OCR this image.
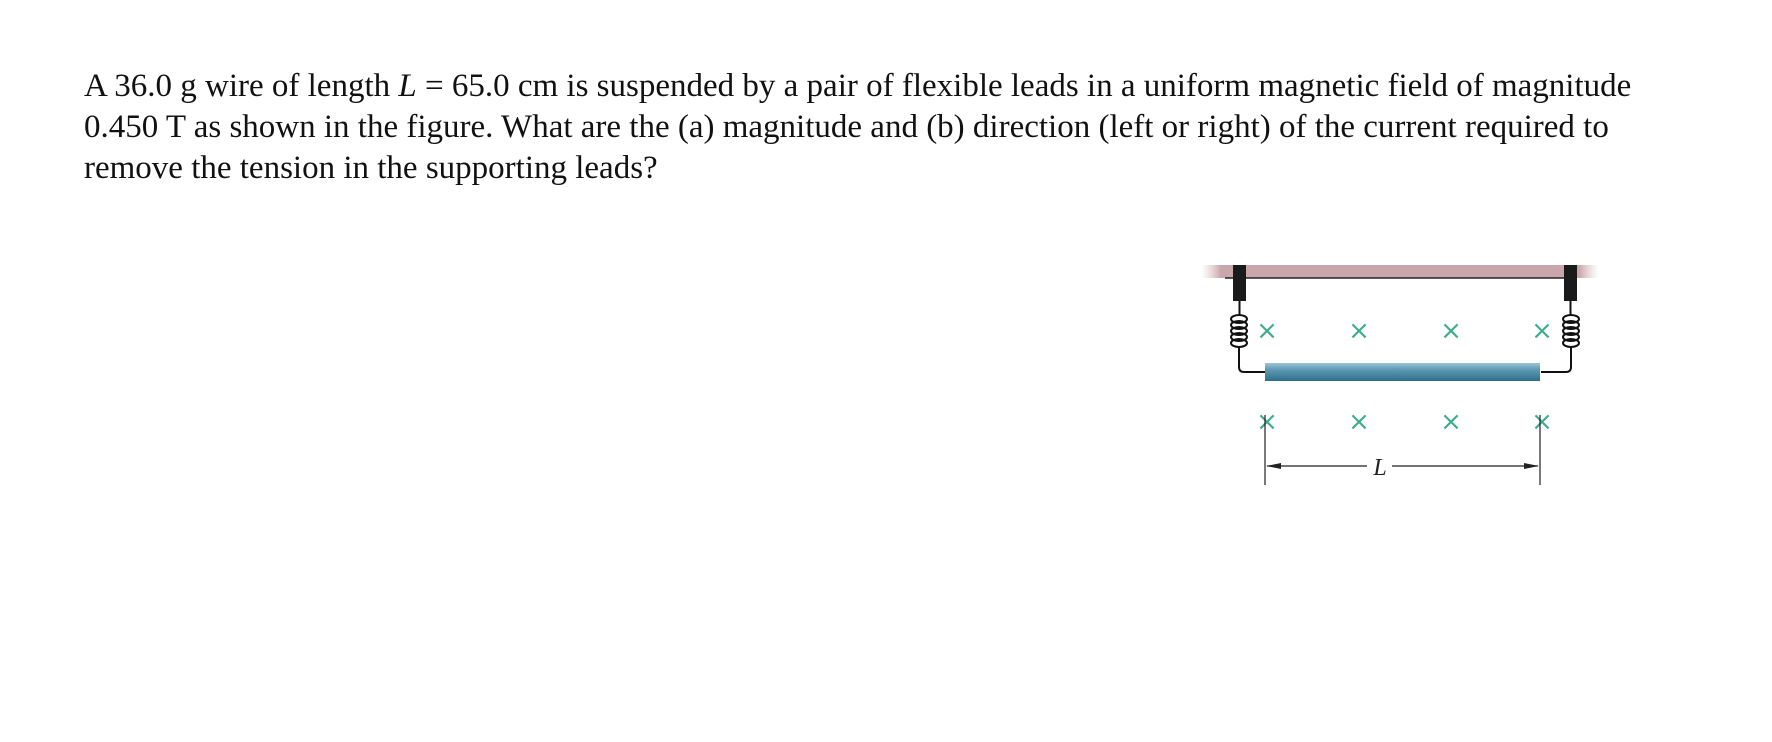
A 36.0 g wire of length L = 65.0 cm is suspended by a pair of flexible leads in a uniform magnetic field of magnitude 0.450 T as shown in the figure. What are the (a) magnitude and (b) direction (left or right) of the current required to remove the tension in the supporting leads?

×	×	×	×
×	×	×	×
L
